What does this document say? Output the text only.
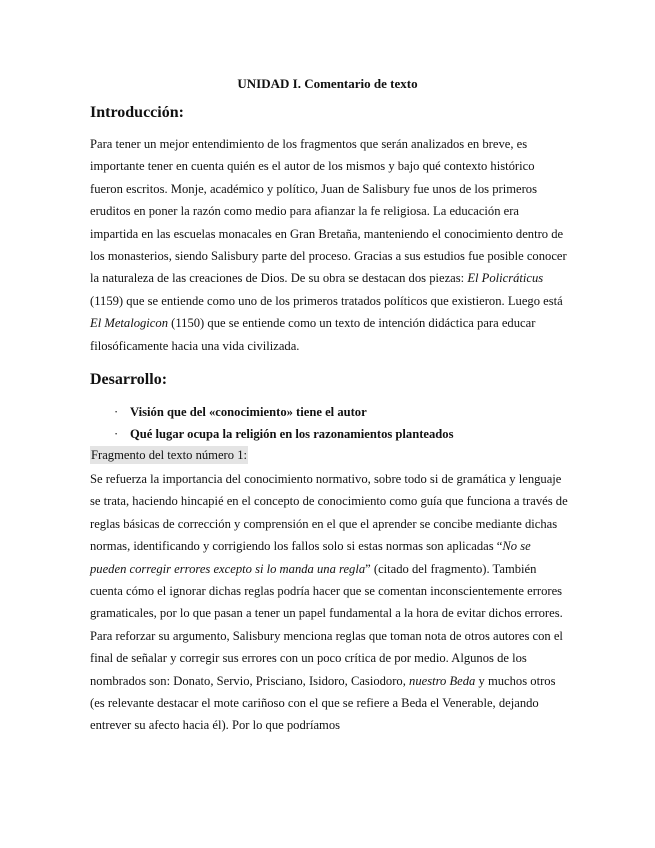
UNIDAD I. Comentario de texto
Introducción:

Para tener un mejor entendimiento de los fragmentos que serán analizados en breve, es importante tener en cuenta quién es el autor de los mismos y bajo qué contexto histórico fueron escritos. Monje, académico y político, Juan de Salisbury fue unos de los primeros eruditos en poner la razón como medio para afianzar la fe religiosa. La educación era impartida en las escuelas monacales en Gran Bretaña, manteniendo el conocimiento dentro de los monasterios, siendo Salisbury parte del proceso. Gracias a sus estudios fue posible conocer la naturaleza de las creaciones de Dios. De su obra se destacan dos piezas: El Policráticus (1159) que se entiende como uno de los primeros tratados políticos que existieron. Luego está El Metalogicon (1150) que se entiende como un texto de intención didáctica para educar filosóficamente hacia una vida civilizada.

Desarrollo:
· Visión que del «conocimiento» tiene el autor
· Qué lugar ocupa la religión en los razonamientos planteados
Fragmento del texto número 1:

Se refuerza la importancia del conocimiento normativo, sobre todo si de gramática y lenguaje se trata, haciendo hincapié en el concepto de conocimiento como guía que funciona a través de reglas básicas de corrección y comprensión en el que el aprender se concibe mediante dichas normas, identificando y corrigiendo los fallos solo si estas normas son aplicadas “No se pueden corregir errores excepto si lo manda una regla” (citado del fragmento). También cuenta cómo el ignorar dichas reglas podría hacer que se comentan inconscientemente errores gramaticales, por lo que pasan a tener un papel fundamental a la hora de evitar dichos errores. Para reforzar su argumento, Salisbury menciona reglas que toman nota de otros autores con el final de señalar y corregir sus errores con un poco crítica de por medio. Algunos de los nombrados son: Donato, Servio, Prisciano, Isidoro, Casiodoro, nuestro Beda y muchos otros (es relevante destacar el mote cariñoso con el que se refiere a Beda el Venerable, dejando entrever su afecto hacia él). Por lo que podríamos
